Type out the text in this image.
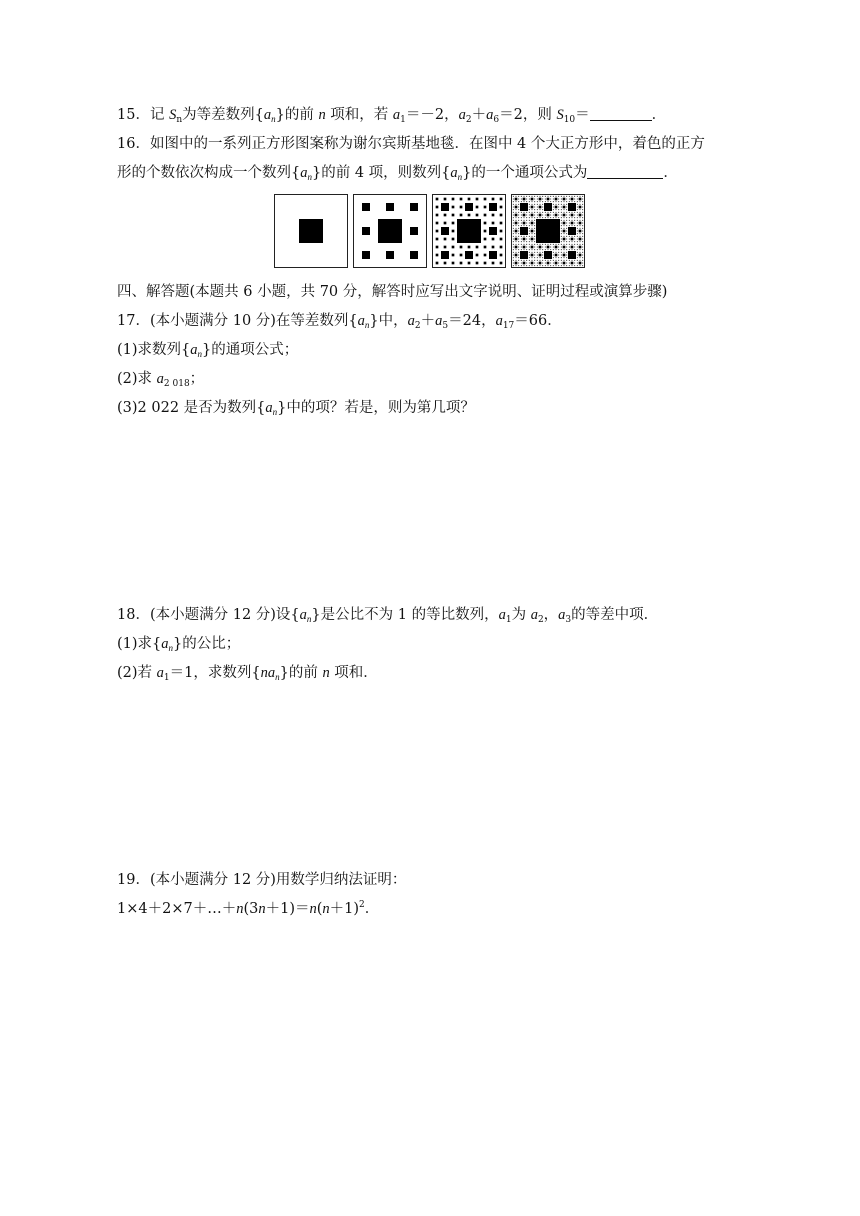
15．记 $S_n$为等差数列$\{a_n\}$的前 n 项和，若 $a_1=-2$，$a_2+a_6=2$，则 $S_{10}=$	．
16．如图中的一系列正方形图案称为谢尔宾斯基地毯．在图中 4 个大正方形中，着色的正方
形的个数依次构成一个数列$\{a_n\}$的前 4 项，则数列$\{a_n\}$的一个通项公式为	．
四、解答题(本题共 6 小题，共 70 分，解答时应写出文字说明、证明过程或演算步骤)
17．(本小题满分 10 分)在等差数列$\{a_n\}$中，$a_2+a_5=24$，$a_{17}=66$．
(1)求数列$\{a_n\}$的通项公式；
(2)求 $a_{2 018}$；
(3)2 022 是否为数列$\{a_n\}$中的项？若是，则为第几项？
18．(本小题满分 12 分)设$\{a_n\}$是公比不为 1 的等比数列，$a_1$为 $a_2$，$a_3$的等差中项．
(1)求$\{a_n\}$的公比；
(2)若 $a_1=1$，求数列$\{na_n\}$的前 n 项和．
19．(本小题满分 12 分)用数学归纳法证明：
$1\times 4+2\times 7+\dots+n(3n+1)=n(n+1)^2$．
